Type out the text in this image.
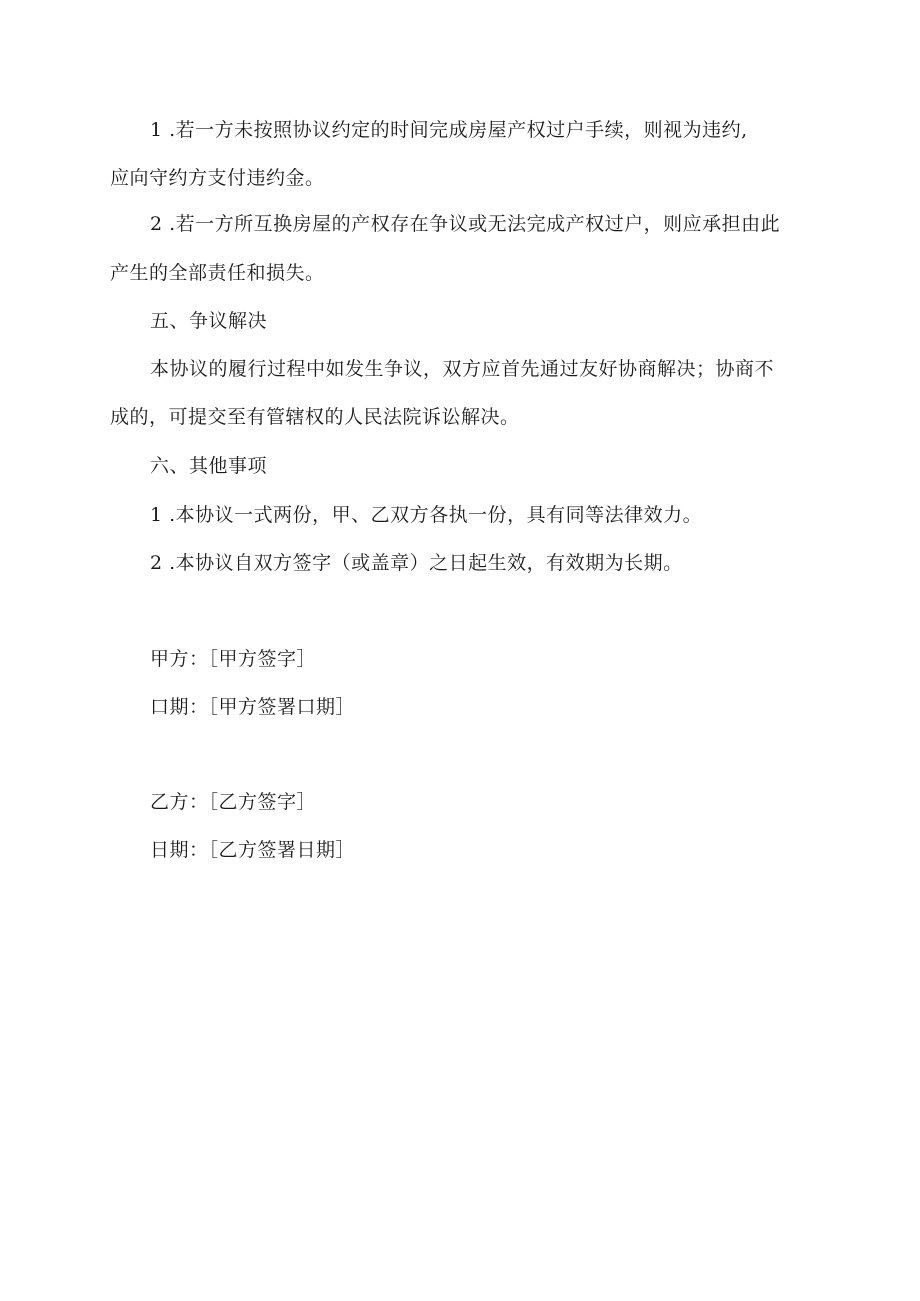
1 .若一方未按照协议约定的时间完成房屋产权过户手续，则视为违约,
应向守约方支付违约金。
2 .若一方所互换房屋的产权存在争议或无法完成产权过户，则应承担由此
产生的全部责任和损失。
五、争议解决
本协议的履行过程中如发生争议，双方应首先通过友好协商解决；协商不
成的，可提交至有管辖权的人民法院诉讼解决。
六、其他事项
1 .本协议一式两份，甲、乙双方各执一份，具有同等法律效力。
2 .本协议自双方签字（或盖章）之日起生效，有效期为长期。
甲方：［甲方签字］
口期：［甲方签署口期］
乙方：［乙方签字］
日期：［乙方签署日期］
